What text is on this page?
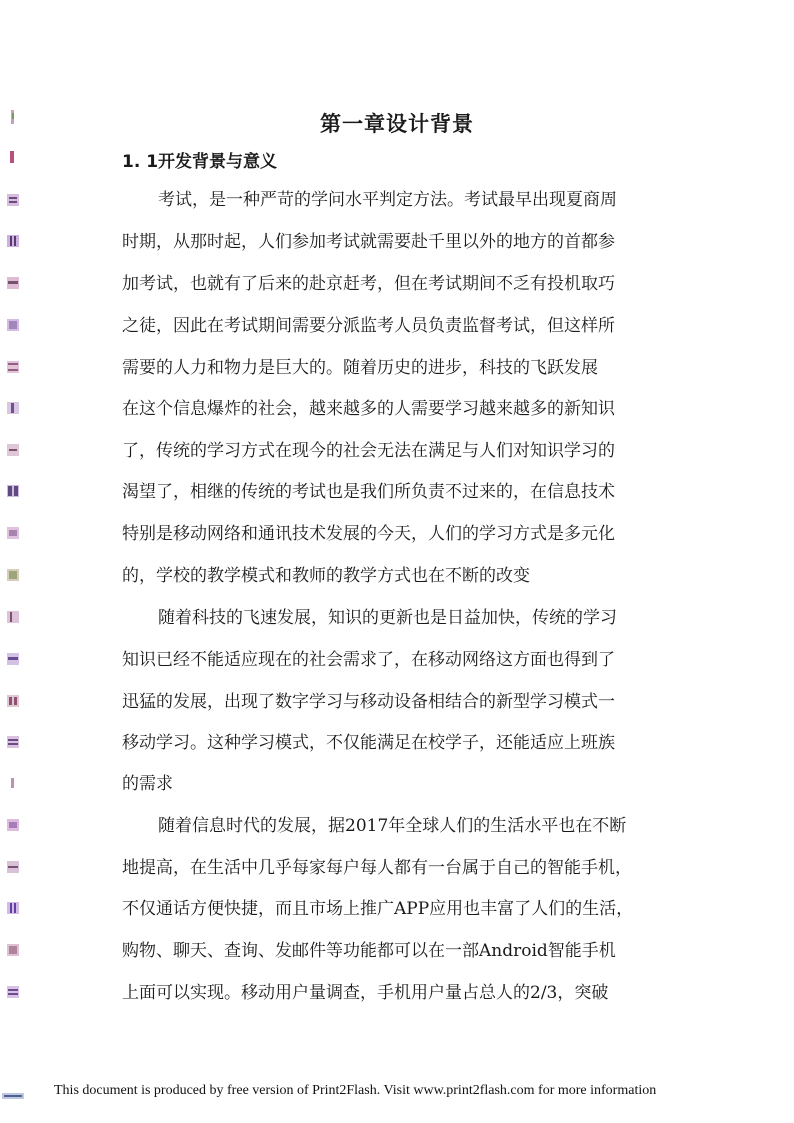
第一章设计背景
1. 1开发背景与意义
考试，是一种严苛的学问水平判定方法。考试最早出现夏商周
时期，从那时起，人们参加考试就需要赴千里以外的地方的首都参
加考试，也就有了后来的赴京赶考，但在考试期间不乏有投机取巧
之徒，因此在考试期间需要分派监考人员负责监督考试，但这样所
需要的人力和物力是巨大的。随着历史的进步，科技的飞跃发展
在这个信息爆炸的社会，越来越多的人需要学习越来越多的新知识
了，传统的学习方式在现今的社会无法在满足与人们对知识学习的
渴望了，相继的传统的考试也是我们所负责不过来的，在信息技术
特别是移动网络和通讯技术发展的今天，人们的学习方式是多元化
的，学校的教学模式和教师的教学方式也在不断的改变
随着科技的飞速发展，知识的更新也是日益加快，传统的学习
知识已经不能适应现在的社会需求了，在移动网络这方面也得到了
迅猛的发展，出现了数字学习与移动设备相结合的新型学习模式一
移动学习。这种学习模式，不仅能满足在校学子，还能适应上班族
的需求
随着信息时代的发展，据2017年全球人们的生活水平也在不断
地提高，在生活中几乎每家每户每人都有一台属于自己的智能手机，
不仅通话方便快捷，而且市场上推广APP应用也丰富了人们的生活，
购物、聊天、查询、发邮件等功能都可以在一部Android智能手机
上面可以实现。移动用户量调查，手机用户量占总人的2/3，突破
This document is produced by free version of Print2Flash. Visit www.print2flash.com for more information
